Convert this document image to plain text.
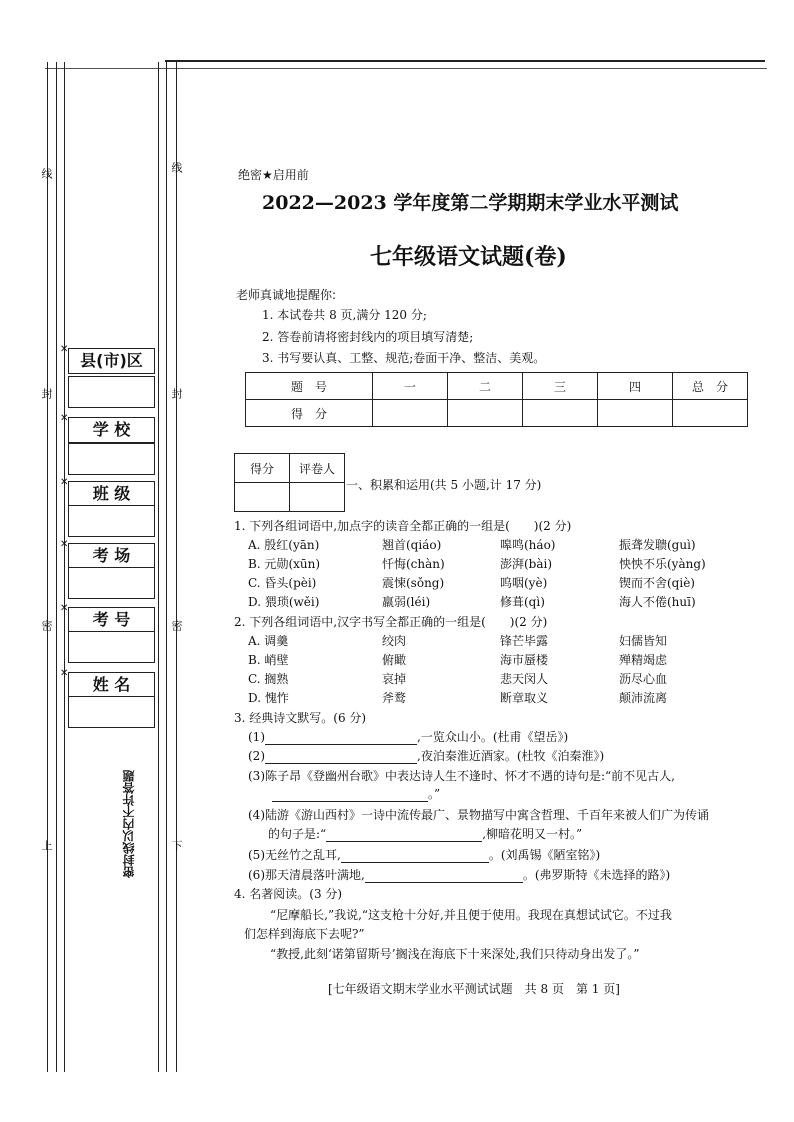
线
线
封	封
密	密
上	下
✕
县(市)区
✕
学 校
✕
班 级
✕
考 场
✕
考 号
✕
姓 名
密封线以内不许答题
绝密★启用前
2022—2023 学年度第二学期期末学业水平测试
七年级语文试题(卷)
老师真诚地提醒你:
1. 本试卷共 8 页,满分 120 分;
2. 答卷前请将密封线内的项目填写清楚;
3. 书写要认真、工整、规范;卷面干净、整洁、美观。
题　号	一	二	三	四	总　分
得　分					
得分	评卷人

一、积累和运用(共 5 小题,计 17 分)
1. 下列各组词语中,加点字的读音全都正确的一组是(　　)(2 分)
A. 殷红(yān)	翘首(qiáo)	嗥鸣(háo)	振聋发聩(guì)
B. 元勋(xūn)	忏悔(chàn)	澎湃(bài)	怏怏不乐(yàng)
C. 昏头(pèi)	震悚(sǒng)	呜咽(yè)	锲而不舍(qiè)
D. 猥琐(wěi)	羸弱(léi)	修葺(qì)	海人不倦(huī)
2. 下列各组词语中,汉字书写全都正确的一组是(　　)(2 分)
A. 调羹	绞肉	锋芒毕露	妇儒皆知
B. 峭壁	俯瞰	海市蜃楼	殚精竭虑
C. 搁熟	哀掉	悲天闵人	沥尽心血
D. 愧怍	斧鹜	断章取义	颠沛流离
3. 经典诗文默写。(6 分)
(1)	,一览众山小。(杜甫《望岳》)
(2)	,夜泊秦淮近酒家。(杜牧《泊秦淮》)
(3)陈子昂《登幽州台歌》中表达诗人生不逢时、怀才不遇的诗句是:“前不见古人,
。”
(4)陆游《游山西村》一诗中流传最广、景物描写中寓含哲理、千百年来被人们广为传诵
的句子是:“	,柳暗花明又一村。”
(5)无丝竹之乱耳,	。(刘禹锡《陋室铭》)
(6)那天清晨落叶满地,	。(弗罗斯特《未选择的路》)
4. 名著阅读。(3 分)
“尼摩船长,”我说,“这支枪十分好,并且便于使用。我现在真想试试它。不过我
们怎样到海底下去呢?”
“教授,此刻‘诺第留斯号’搁浅在海底下十来深处,我们只待动身出发了。”
[七年级语文期末学业水平测试试题　共 8 页　第 1 页]
